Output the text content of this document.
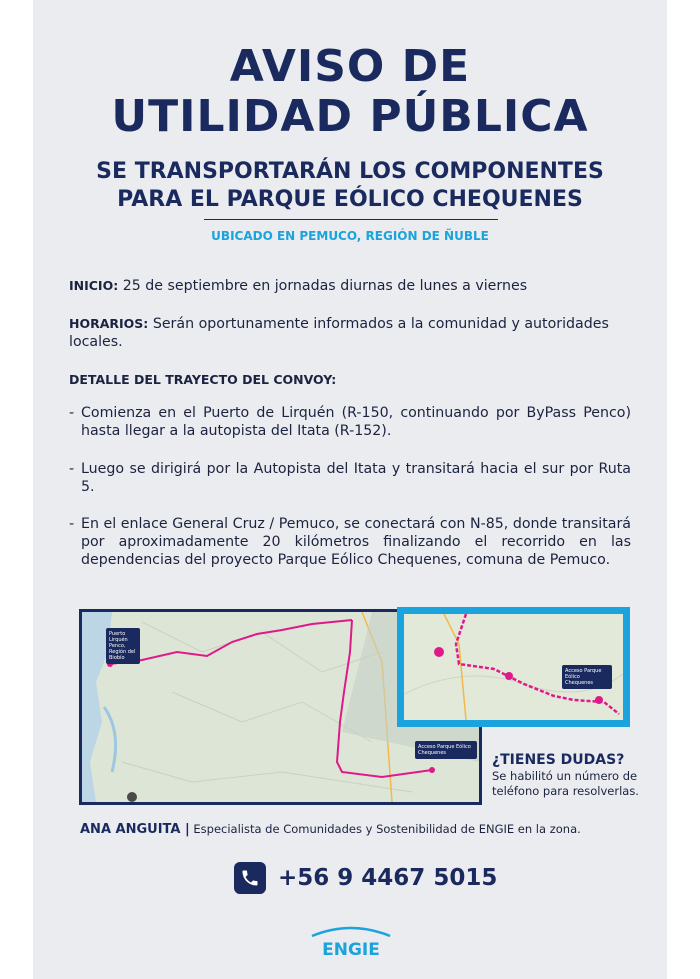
AVISO DE
UTILIDAD PÚBLICA
SE TRANSPORTARÁN LOS COMPONENTES
PARA EL PARQUE EÓLICO CHEQUENES
UBICADO EN PEMUCO, REGIÓN DE ÑUBLE
INICIO: 25 de septiembre en jornadas diurnas de lunes a viernes
HORARIOS: Serán oportunamente informados a la comunidad y autoridades locales.
DETALLE DEL TRAYECTO DEL CONVOY:
- Comienza en el Puerto de Lirquén (R-150, continuando por ByPass Penco) hasta llegar a la autopista del Itata (R-152).
- Luego se dirigirá por la Autopista del Itata y transitará hacia el sur por Ruta 5.
- En el enlace General Cruz / Pemuco, se conectará con N-85, donde transitará por aproximadamente 20 kilómetros finalizando el recorrido en las dependencias del proyecto Parque Eólico Chequenes, comuna de Pemuco.
Puerto Lirquén Penco, Región del Biobío
Acceso Parque Eólico Chequenes
Acceso Parque Eólico Chequenes
¿TIENES DUDAS?
Se habilitó un número de teléfono para resolverlas.
ANA ANGUITA | Especialista de Comunidades y Sostenibilidad de ENGIE en la zona.
+56 9 4467 5015
ENGIE
